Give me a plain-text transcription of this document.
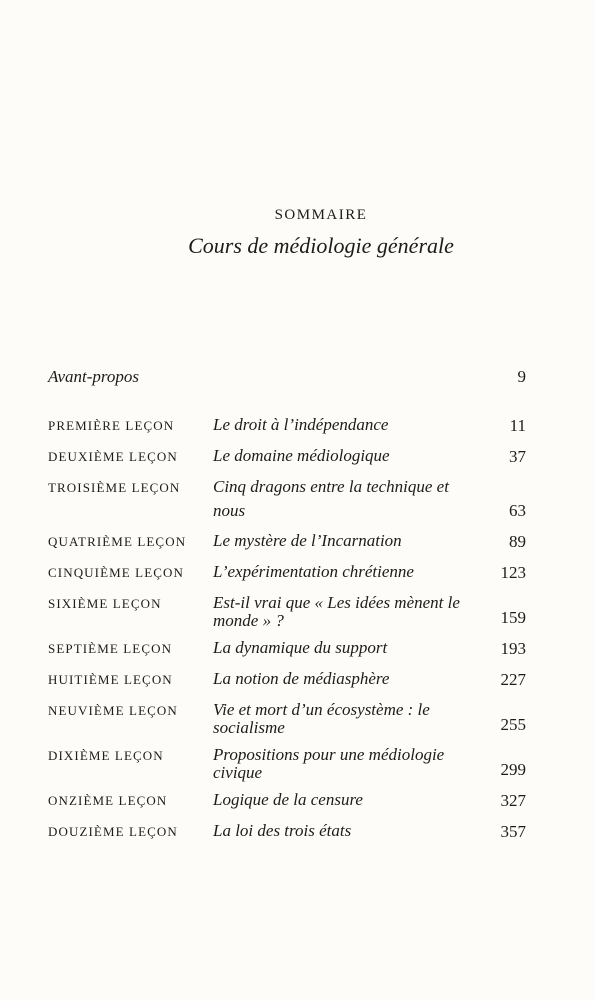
SOMMAIRE
Cours de médiologie générale
Avant-propos	9
PREMIÈRE LEÇON	Le droit à l’indépendance	11
DEUXIÈME LEÇON	Le domaine médiologique	37
TROISIÈME LEÇON	Cinq dragons entre la technique et nous	63
QUATRIÈME LEÇON	Le mystère de l’Incarnation	89
CINQUIÈME LEÇON	L’expérimentation chrétienne	123
SIXIÈME LEÇON	Est-il vrai que « Les idées mènent le monde » ?	159
SEPTIÈME LEÇON	La dynamique du support	193
HUITIÈME LEÇON	La notion de médiasphère	227
NEUVIÈME LEÇON	Vie et mort d’un écosystème : le socialisme	255
DIXIÈME LEÇON	Propositions pour une médiologie civique	299
ONZIÈME LEÇON	Logique de la censure	327
DOUZIÈME LEÇON	La loi des trois états	357
